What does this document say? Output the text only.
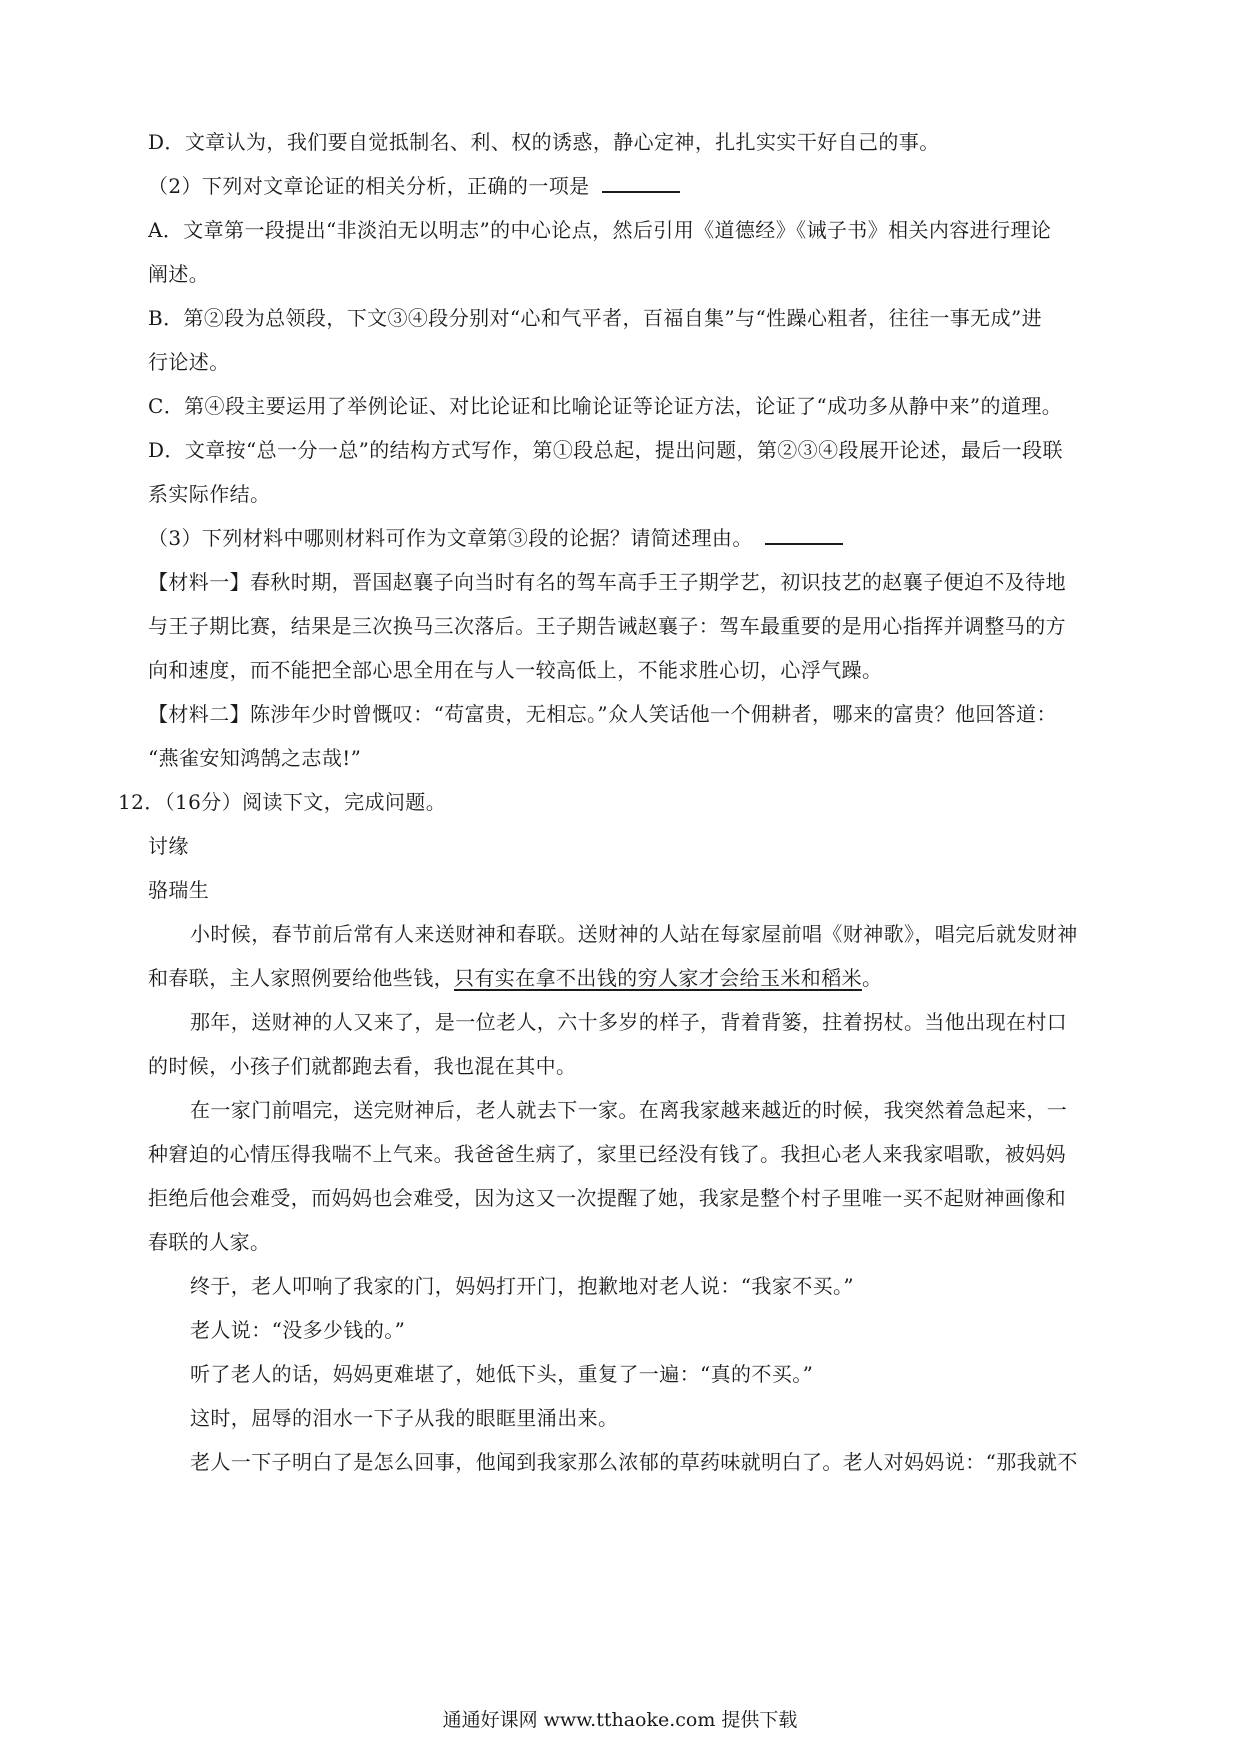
D．文章认为，我们要自觉抵制名、利、权的诱惑，静心定神，扎扎实实干好自己的事。
（2）下列对文章论证的相关分析，正确的一项是
A．文章第一段提出“非淡泊无以明志”的中心论点，然后引用《道德经》《诫子书》相关内容进行理论
阐述。
B．第②段为总领段，下文③④段分别对“心和气平者，百福自集”与“性躁心粗者，往往一事无成”进
行论述。
C．第④段主要运用了举例论证、对比论证和比喻论证等论证方法，论证了“成功多从静中来”的道理。
D．文章按“总一分一总”的结构方式写作，第①段总起，提出问题，第②③④段展开论述，最后一段联
系实际作结。
（3）下列材料中哪则材料可作为文章第③段的论据？请简述理由。
【材料一】春秋时期，晋国赵襄子向当时有名的驾车高手王子期学艺，初识技艺的赵襄子便迫不及待地
与王子期比赛，结果是三次换马三次落后。王子期告诫赵襄子：驾车最重要的是用心指挥并调整马的方
向和速度，而不能把全部心思全用在与人一较高低上，不能求胜心切，心浮气躁。
【材料二】陈涉年少时曾慨叹：“苟富贵，无相忘。”众人笑话他一个佣耕者，哪来的富贵？他回答道：
“燕雀安知鸿鹄之志哉!”
12．（16分）阅读下文，完成问题。
讨缘
骆瑞生
小时候，春节前后常有人来送财神和春联。送财神的人站在每家屋前唱《财神歌》，唱完后就发财神
和春联，主人家照例要给他些钱，只有实在拿不出钱的穷人家才会给玉米和稻米。
那年，送财神的人又来了，是一位老人，六十多岁的样子，背着背篓，拄着拐杖。当他出现在村口
的时候，小孩子们就都跑去看，我也混在其中。
在一家门前唱完，送完财神后，老人就去下一家。在离我家越来越近的时候，我突然着急起来，一
种窘迫的心情压得我喘不上气来。我爸爸生病了，家里已经没有钱了。我担心老人来我家唱歌，被妈妈
拒绝后他会难受，而妈妈也会难受，因为这又一次提醒了她，我家是整个村子里唯一买不起财神画像和
春联的人家。
终于，老人叩响了我家的门，妈妈打开门，抱歉地对老人说：“我家不买。”
老人说：“没多少钱的。”
听了老人的话，妈妈更难堪了，她低下头，重复了一遍：“真的不买。”
这时，屈辱的泪水一下子从我的眼眶里涌出来。
老人一下子明白了是怎么回事，他闻到我家那么浓郁的草药味就明白了。老人对妈妈说：“那我就不
通通好课网 www.tthaoke.com 提供下载
